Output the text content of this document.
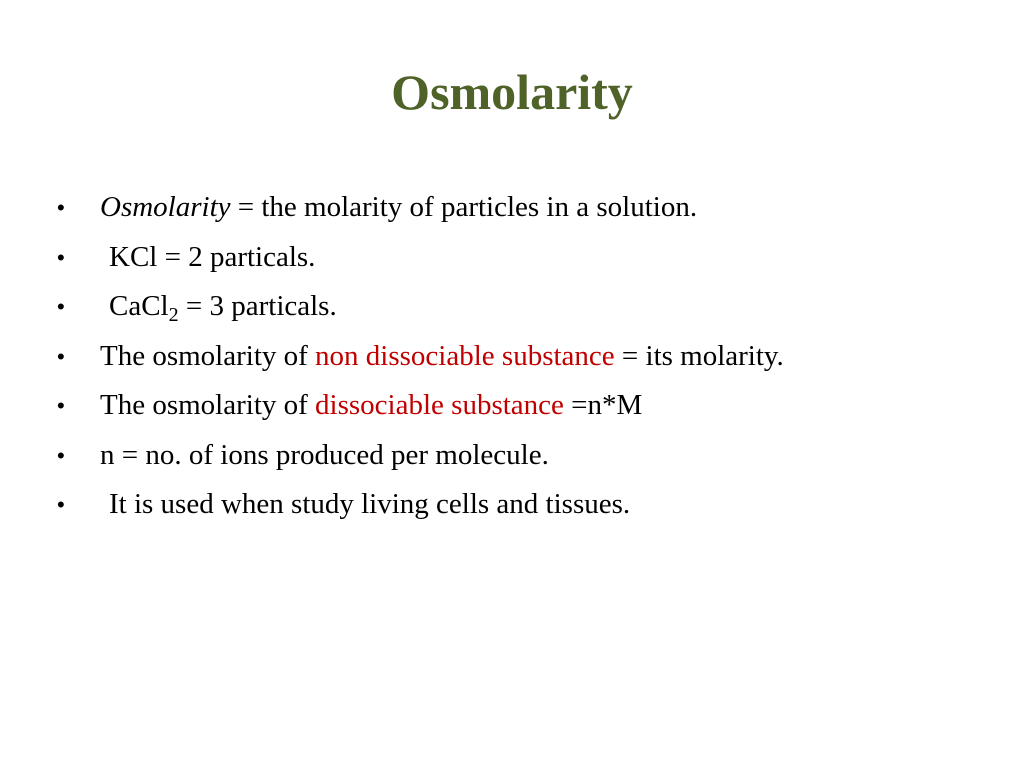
Osmolarity
•	Osmolarity = the molarity of particles in a solution.
•	KCl = 2 particals.
•	CaCl$_2$ = 3 particals.
•	The osmolarity of non dissociable substance = its molarity.
•	The osmolarity of dissociable substance =n*M
•	n = no. of ions produced per molecule.
•	It is used when study living cells and tissues.
